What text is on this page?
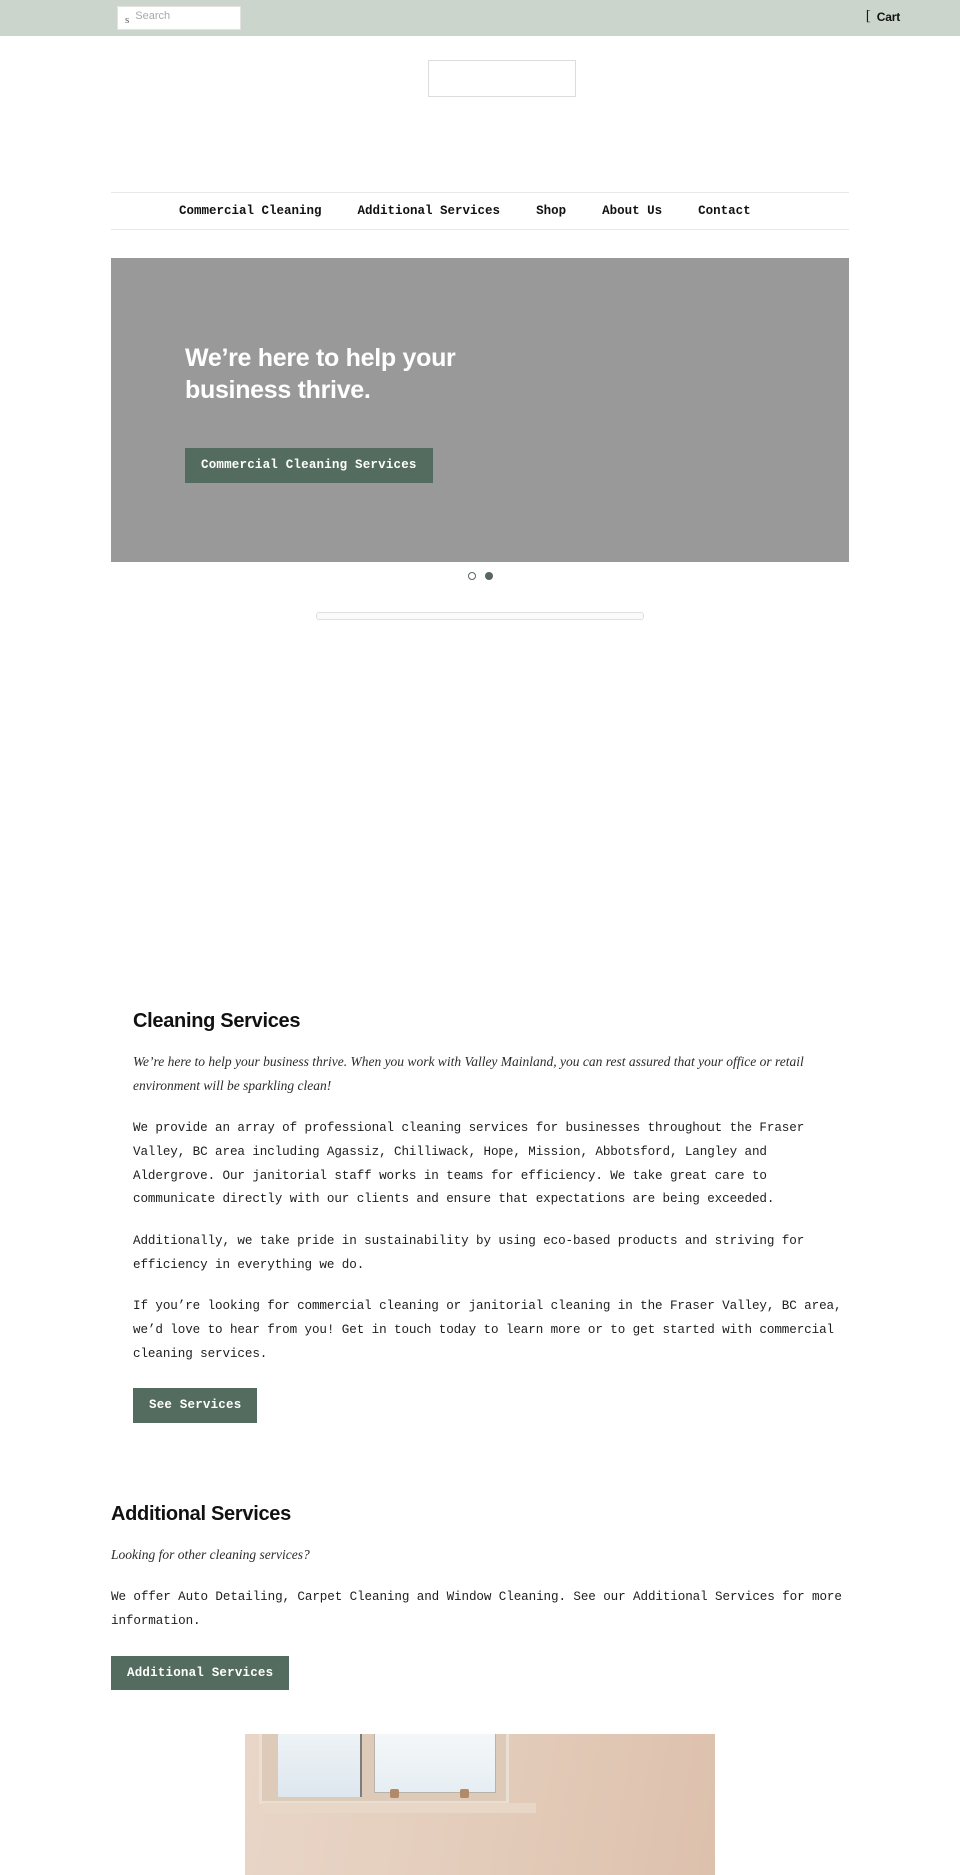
s
Search	[ Cart
Commercial Cleaning	Additional Services	Shop	About Us	Contact
We’re here to help your
business thrive.
Commercial Cleaning Services
Cleaning Services

We’re here to help your business thrive. When you work with Valley Mainland, you can rest assured that your office or retail environment will be sparkling clean!

We provide an array of professional cleaning services for businesses throughout the Fraser Valley, BC area including Agassiz, Chilliwack, Hope, Mission, Abbotsford, Langley and Aldergrove. Our janitorial staff works in teams for efficiency. We take great care to communicate directly with our clients and ensure that expectations are being exceeded.

Additionally, we take pride in sustainability by using eco-based products and striving for efficiency in everything we do.

If you’re looking for commercial cleaning or janitorial cleaning in the Fraser Valley, BC area, we’d love to hear from you! Get in touch today to learn more or to get started with commercial cleaning services.

See Services
Additional Services

Looking for other cleaning services?

We offer Auto Detailing, Carpet Cleaning and Window Cleaning. See our Additional Services for more information.

Additional Services
